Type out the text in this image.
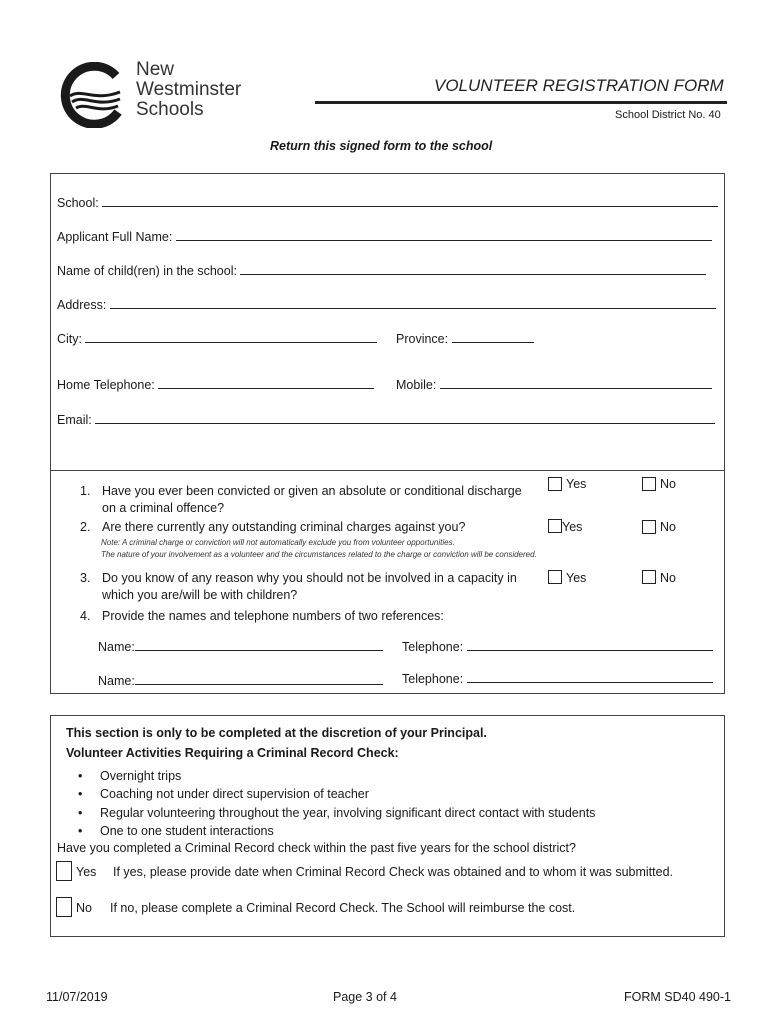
New
Westminster
Schools
VOLUNTEER REGISTRATION FORM
School District No. 40
Return this signed form to the school
School:
Applicant Full Name:
Name of child(ren) in the school:
Address:
City:	Province:
Home Telephone:	Mobile:
Email:
1. Have you ever been convicted or given an absolute or conditional discharge
on a criminal offence?
Yes	No
2. Are there currently any outstanding criminal charges against you?	Yes	No
Note: A criminal charge or conviction will not automatically exclude you from volunteer opportunities.
The nature of your involvement as a volunteer and the circumstances related to the charge or conviction will be considered.
3. Do you know of any reason why you should not be involved in a capacity in
which you are/will be with children?
Yes	No
4. Provide the names and telephone numbers of two references:
Name:	Telephone:
Name:	Telephone:
This section is only to be completed at the discretion of your Principal.
Volunteer Activities Requiring a Criminal Record Check:
• Overnight trips
• Coaching not under direct supervision of teacher
• Regular volunteering throughout the year, involving significant direct contact with students
• One to one student interactions
Have you completed a Criminal Record check within the past five years for the school district?
Yes If yes, please provide date when Criminal Record Check was obtained and to whom it was submitted.
No If no, please complete a Criminal Record Check. The School will reimburse the cost.
11/07/2019	Page 3 of 4	FORM SD40 490-1
